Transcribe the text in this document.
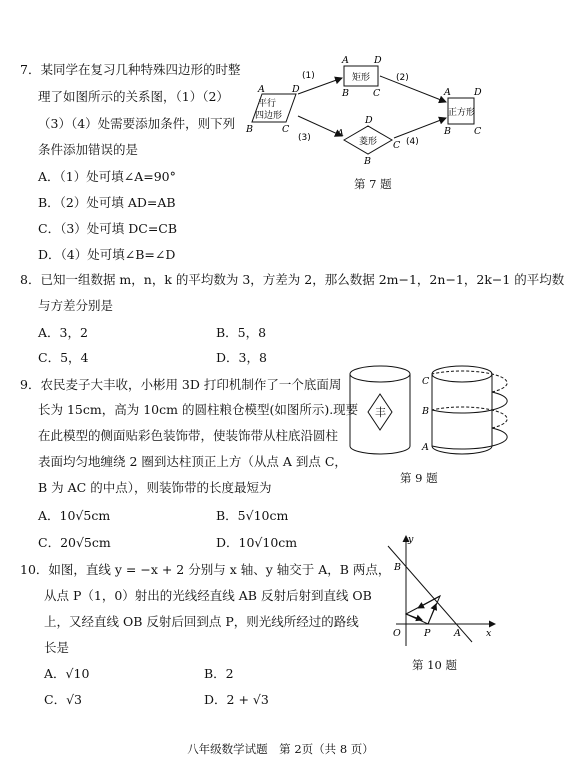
7．某同学在复习几种特殊四边形的时整
理了如图所示的关系图，（1）（2）
（3）（4）处需要添加条件，则下列
条件添加错误的是
A．（1）处可填∠A=90°
B．（2）处可填 AD=AB
C．（3）处可填 DC=CB
D．（4）处可填∠B=∠D
平行
四边形
A	D
B	C
矩形
A	D
B	C
菱形
A
D
C
B
正方形
A D
B C
(1)	(2)
(3)	(4)
第 7 题
8．已知一组数据 m，n，k 的平均数为 3，方差为 2，那么数据 2m−1，2n−1，2k−1 的平均数
与方差分别是
A．3，2	B．5，8
C．5，4	D．3，8
9．农民麦子大丰收，小彬用 3D 打印机制作了一个底面周
长为 15cm，高为 10cm 的圆柱粮仓模型(如图所示).现要
在此模型的侧面贴彩色装饰带，使装饰带从柱底沿圆柱
表面均匀地缠绕 2 圈到达柱顶正上方（从点 A 到点 C，
B 为 AC 的中点），则装饰带的长度最短为
A．10√5cm	B．5√10cm
C．20√5cm	D．10√10cm
丰
C
B
A
第 9 题
10．如图，直线 y = −x + 2 分别与 x 轴、y 轴交于 A，B 两点，
从点 P（1，0）射出的光线经直线 AB 反射后射到直线 OB
上，又经直线 OB 反射后回到点 P，则光线所经过的路线
长是
A．√10	B．2
C．√3	D．2 + √3
y
x
B
O P A
第 10 题
八年级数学试题　第 2页（共 8 页）
